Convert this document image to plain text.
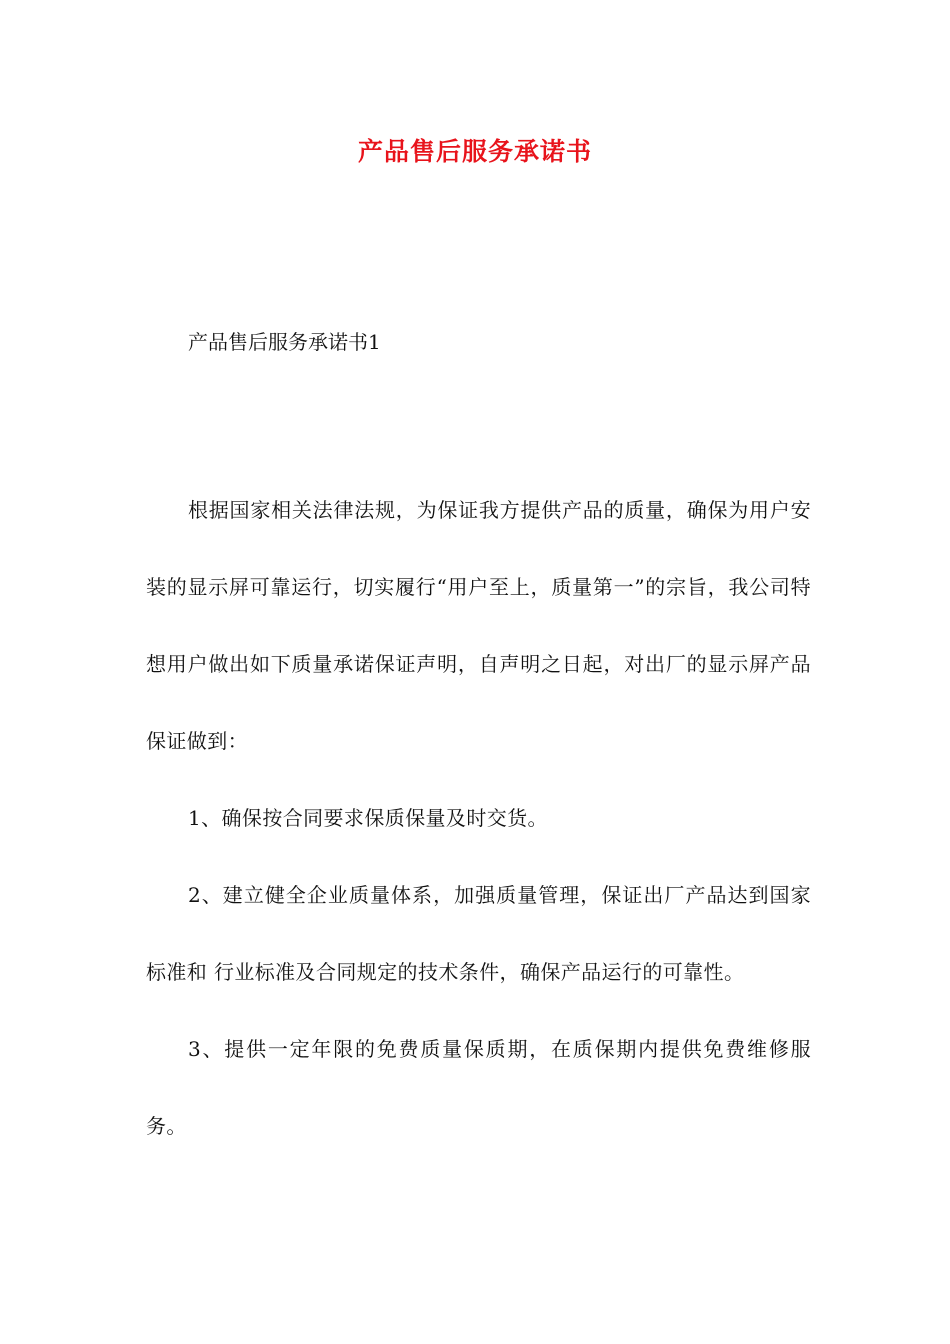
产品售后服务承诺书
产品售后服务承诺书1

根据国家相关法律法规，为保证我方提供产品的质量，确保为用户安装的显示屏可靠运行，切实履行“用户至上，质量第一”的宗旨，我公司特想用户做出如下质量承诺保证声明，自声明之日起，对出厂的显示屏产品保证做到：

1、确保按合同要求保质保量及时交货。

2、建立健全企业质量体系，加强质量管理，保证出厂产品达到国家标准和 行业标准及合同规定的技术条件，确保产品运行的可靠性。

3、提供一定年限的免费质量保质期，在质保期内提供免费维修服务。
